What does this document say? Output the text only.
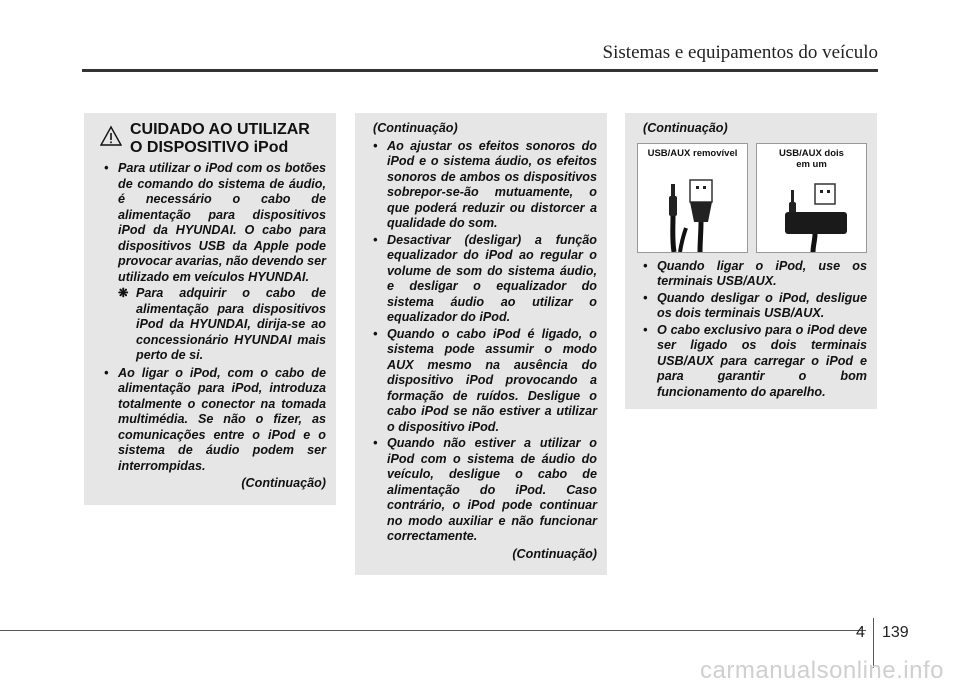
Sistemas e equipamentos do veículo
CUIDADO AO UTILIZAR
O DISPOSITIVO iPod
• Para utilizar o iPod com os botões de comando do sistema de áudio, é necessário o cabo de alimentação para dispositivos iPod da HYUNDAI. O cabo para dispositivos USB da Apple pode provocar avarias, não devendo ser utilizado em veículos HYUNDAI.
❋ Para adquirir o cabo de alimentação para dispositivos iPod da HYUNDAI, dirija-se ao concessionário HYUNDAI mais perto de si.
• Ao ligar o iPod, com o cabo de alimentação para iPod, introduza totalmente o conector na tomada multimédia. Se não o fizer, as comunicações entre o iPod e o sistema de áudio podem ser interrompidas.
(Continuação)
(Continuação)
• Ao ajustar os efeitos sonoros do iPod e o sistema áudio, os efeitos sonoros de ambos os dispositivos sobrepor-se-ão mutuamente, o que poderá reduzir ou distorcer a qualidade do som.
• Desactivar (desligar) a função equalizador do iPod ao regular o volume de som do sistema áudio, e desligar o equalizador do sistema áudio ao utilizar o equalizador do iPod.
• Quando o cabo iPod é ligado, o sistema pode assumir o modo AUX mesmo na ausência do dispositivo iPod provocando a formação de ruídos. Desligue o cabo iPod se não estiver a utilizar o dispositivo iPod.
• Quando não estiver a utilizar o iPod com o sistema de áudio do veículo, desligue o cabo de alimentação do iPod. Caso contrário, o iPod pode continuar no modo auxiliar e não funcionar correctamente.
(Continuação)
(Continuação)
USB/AUX removível	USB/AUX dois
em um
• Quando ligar o iPod, use os terminais USB/AUX.
• Quando desligar o iPod, desligue os dois terminais USB/AUX.
• O cabo exclusivo para o iPod deve ser ligado os dois terminais USB/AUX para carregar o iPod e para garantir o bom funcionamento do aparelho.
4 139
carmanualsonline.info
